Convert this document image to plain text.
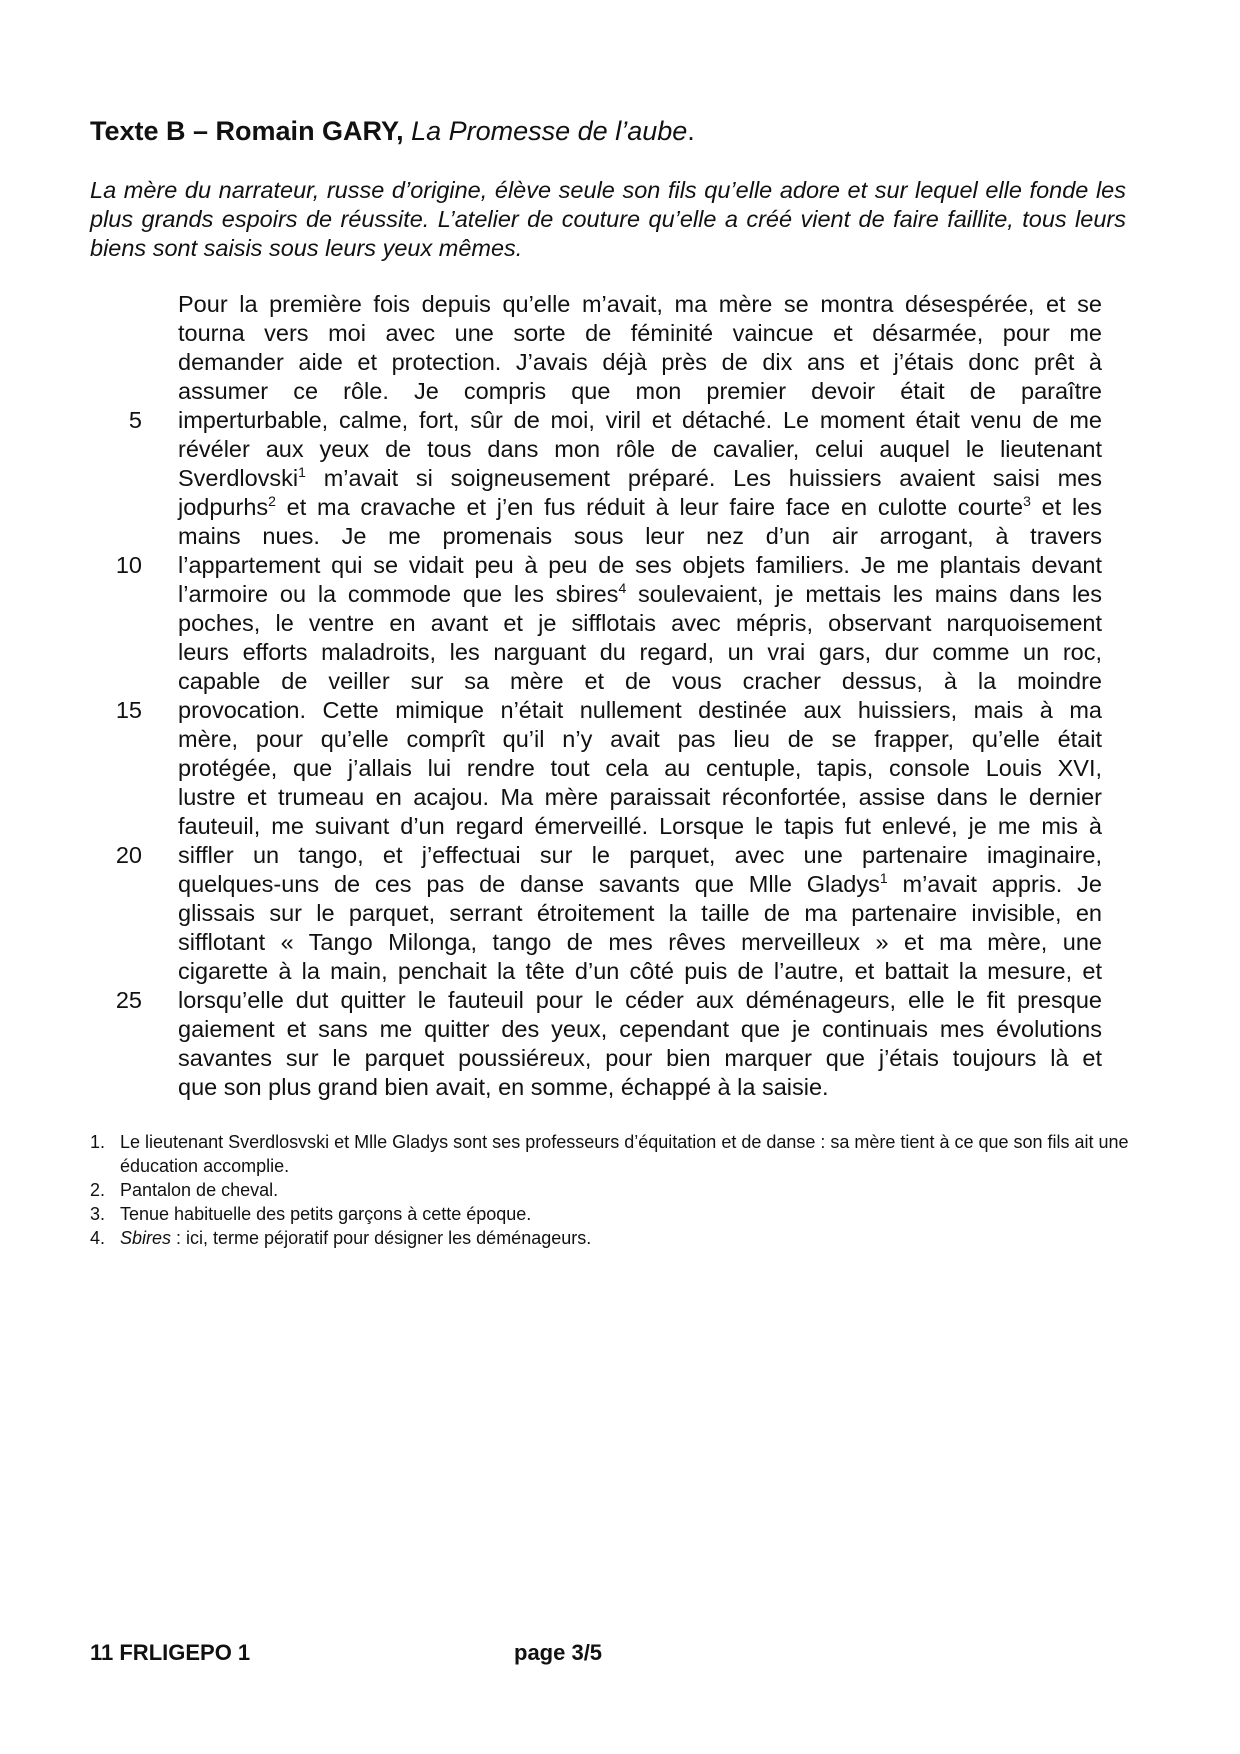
Texte B – Romain GARY, La Promesse de l’aube.

La mère du narrateur, russe d’origine, élève seule son fils qu’elle adore et sur lequel elle fonde les plus grands espoirs de réussite. L’atelier de couture qu’elle a créé vient de faire faillite, tous leurs biens sont saisis sous leurs yeux mêmes.

Pour la première fois depuis qu’elle m’avait, ma mère se montra désespérée, et se
tourna vers moi avec une sorte de féminité vaincue et désarmée, pour me
demander aide et protection. J’avais déjà près de dix ans et j’étais donc prêt à
assumer ce rôle. Je compris que mon premier devoir était de paraître
5 imperturbable, calme, fort, sûr de moi, viril et détaché. Le moment était venu de me
révéler aux yeux de tous dans mon rôle de cavalier, celui auquel le lieutenant
Sverdlovski$^1$ m’avait si soigneusement préparé. Les huissiers avaient saisi mes
jodpurhs$^2$ et ma cravache et j’en fus réduit à leur faire face en culotte courte$^3$ et les
mains nues. Je me promenais sous leur nez d’un air arrogant, à travers
10 l’appartement qui se vidait peu à peu de ses objets familiers. Je me plantais devant
l’armoire ou la commode que les sbires$^4$ soulevaient, je mettais les mains dans les
poches, le ventre en avant et je sifflotais avec mépris, observant narquoisement
leurs efforts maladroits, les narguant du regard, un vrai gars, dur comme un roc,
capable de veiller sur sa mère et de vous cracher dessus, à la moindre
15 provocation. Cette mimique n’était nullement destinée aux huissiers, mais à ma
mère, pour qu’elle comprît qu’il n’y avait pas lieu de se frapper, qu’elle était
protégée, que j’allais lui rendre tout cela au centuple, tapis, console Louis XVI,
lustre et trumeau en acajou. Ma mère paraissait réconfortée, assise dans le dernier
fauteuil, me suivant d’un regard émerveillé. Lorsque le tapis fut enlevé, je me mis à
20 siffler un tango, et j’effectuai sur le parquet, avec une partenaire imaginaire,
quelques-uns de ces pas de danse savants que Mlle Gladys$^1$ m’avait appris. Je
glissais sur le parquet, serrant étroitement la taille de ma partenaire invisible, en
sifflotant « Tango Milonga, tango de mes rêves merveilleux » et ma mère, une
cigarette à la main, penchait la tête d’un côté puis de l’autre, et battait la mesure, et
25 lorsqu’elle dut quitter le fauteuil pour le céder aux déménageurs, elle le fit presque
gaiement et sans me quitter des yeux, cependant que je continuais mes évolutions
savantes sur le parquet poussiéreux, pour bien marquer que j’étais toujours là et
que son plus grand bien avait, en somme, échappé à la saisie.
1. Le lieutenant Sverdlosvski et Mlle Gladys sont ses professeurs d’équitation et de danse : sa mère tient à ce que son fils ait une éducation accomplie.
2. Pantalon de cheval.
3. Tenue habituelle des petits garçons à cette époque.
4. Sbires : ici, terme péjoratif pour désigner les déménageurs.
11 FRLIGEPO 1	page 3/5
